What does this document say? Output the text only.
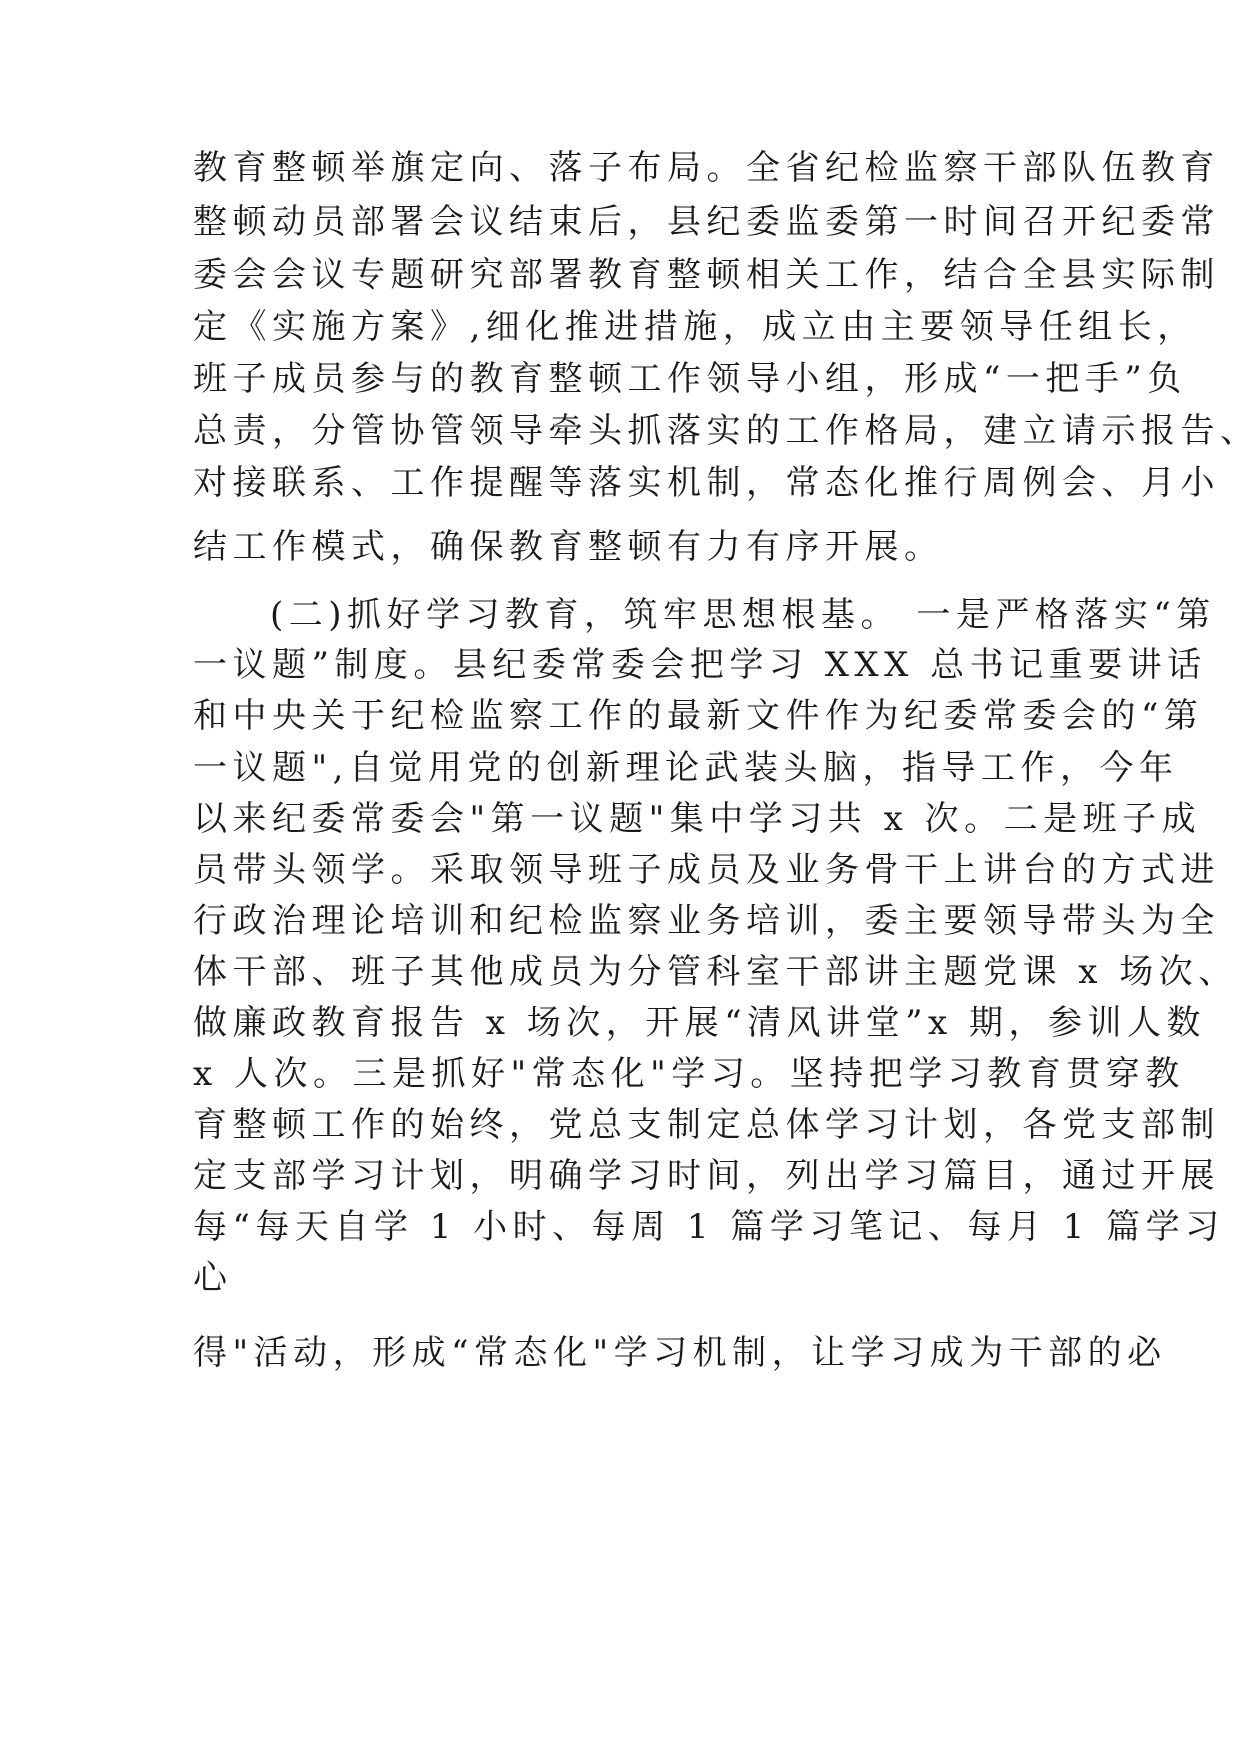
教育整顿举旗定向、落子布局。全省纪检监察干部队伍教育
整顿动员部署会议结束后，县纪委监委第一时间召开纪委常
委会会议专题研究部署教育整顿相关工作，结合全县实际制
定《实施方案》,细化推进措施，成立由主要领导任组长，
班子成员参与的教育整顿工作领导小组，形成“一把手”负
总责，分管协管领导牵头抓落实的工作格局，建立请示报告、
对接联系、工作提醒等落实机制，常态化推行周例会、月小
结工作模式，确保教育整顿有力有序开展。
(二)抓好学习教育，筑牢思想根基。 一是严格落实“第
一议题”制度。县纪委常委会把学习 XXX 总书记重要讲话
和中央关于纪检监察工作的最新文件作为纪委常委会的“第
一议题",自觉用党的创新理论武装头脑，指导工作，今年
以来纪委常委会"第一议题"集中学习共 x 次。二是班子成
员带头领学。采取领导班子成员及业务骨干上讲台的方式进
行政治理论培训和纪检监察业务培训，委主要领导带头为全
体干部、班子其他成员为分管科室干部讲主题党课 x 场次、
做廉政教育报告 x 场次，开展“清风讲堂”x 期，参训人数
x 人次。三是抓好"常态化"学习。坚持把学习教育贯穿教
育整顿工作的始终，党总支制定总体学习计划，各党支部制
定支部学习计划，明确学习时间，列出学习篇目，通过开展
每“每天自学 1 小时、每周 1 篇学习笔记、每月 1 篇学习
心
得"活动，形成“常态化"学习机制，让学习成为干部的必
